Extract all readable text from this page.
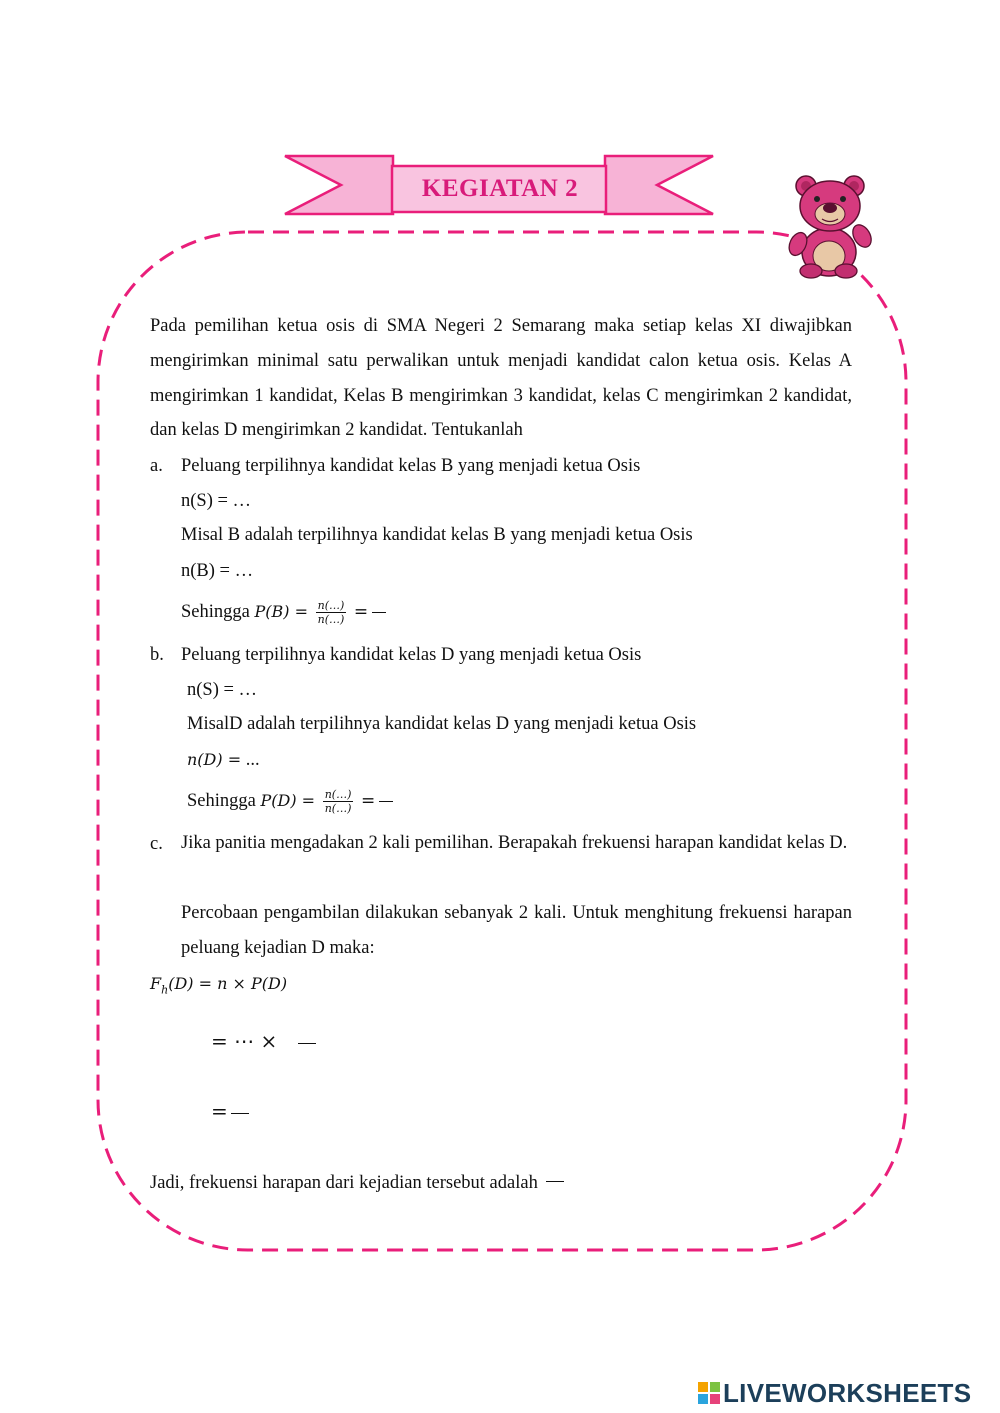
KEGIATAN 2
Pada pemilihan ketua osis di SMA Negeri 2 Semarang maka setiap kelas XI diwajibkan mengirimkan minimal satu perwalikan untuk menjadi kandidat calon ketua osis. Kelas A mengirimkan 1 kandidat, Kelas B mengirimkan 3 kandidat, kelas C mengirimkan 2 kandidat, dan kelas D mengirimkan 2 kandidat. Tentukanlah
a. Peluang terpilihnya kandidat kelas B yang menjadi ketua Osis
n(S) = …
Misal B adalah terpilihnya kandidat kelas B yang menjadi ketua Osis
n(B) = …
Sehingga $P(B) = \frac{n(\dots)}{n(\dots)}$ =
b. Peluang terpilihnya kandidat kelas D yang menjadi ketua Osis
n(S) = …
MisalD adalah terpilihnya kandidat kelas D yang menjadi ketua Osis
n(D) = ...
Sehingga $P(D) = \frac{n(\dots)}{n(\dots)}$ =
c. Jika panitia mengadakan 2 kali pemilihan. Berapakah frekuensi harapan kandidat kelas D.
Percobaan pengambilan dilakukan sebanyak 2 kali. Untuk menghitung frekuensi harapan peluang kejadian D maka:
$F_h(D) = n \times P(D)$
= ⋯ ×
=
Jadi, frekuensi harapan dari kejadian tersebut adalah
LIVEWORKSHEETS
